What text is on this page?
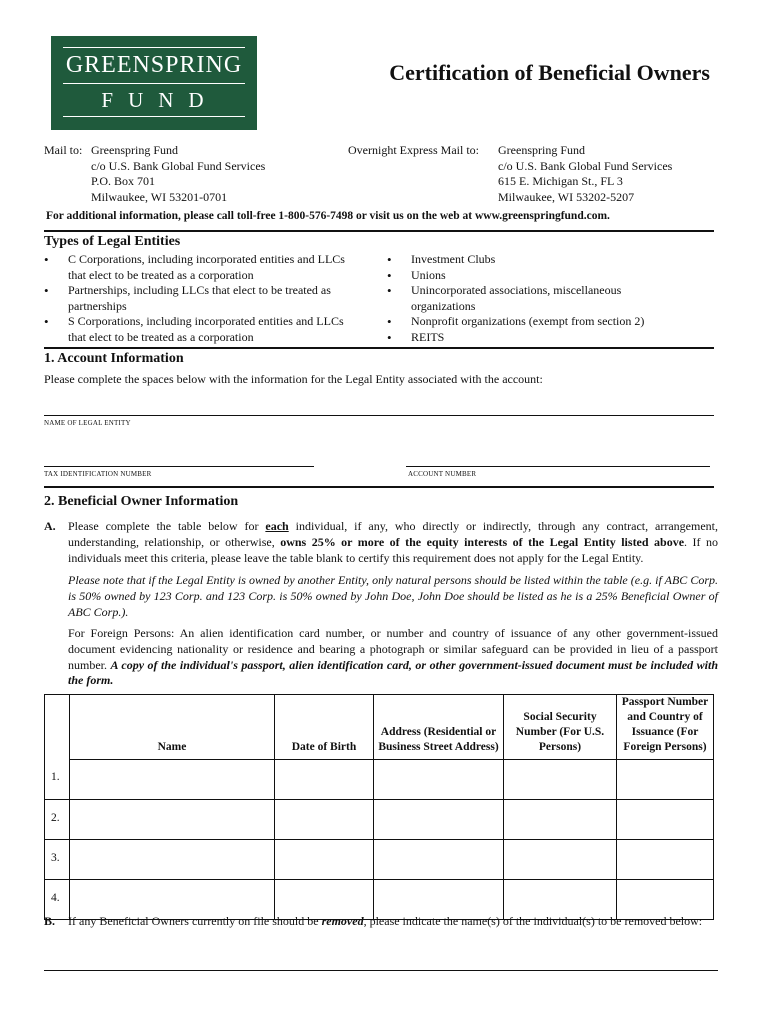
GREENSPRING
FUND
Certification of Beneficial Owners
Mail to: Greenspring Fund
c/o U.S. Bank Global Fund Services
P.O. Box 701
Milwaukee, WI 53201-0701
Overnight Express Mail to: Greenspring Fund
c/o U.S. Bank Global Fund Services
615 E. Michigan St., FL 3
Milwaukee, WI 53202-5207
For additional information, please call toll-free 1-800-576-7498 or visit us on the web at www.greenspringfund.com.
Types of Legal Entities
• C Corporations, including incorporated entities and LLCs that elect to be treated as a corporation
• Partnerships, including LLCs that elect to be treated as partnerships
• S Corporations, including incorporated entities and LLCs that elect to be treated as a corporation
• Investment Clubs
• Unions
• Unincorporated associations, miscellaneous organizations
• Nonprofit organizations (exempt from section 2)
• REITS
1. Account Information
Please complete the spaces below with the information for the Legal Entity associated with the account:
NAME OF LEGAL ENTITY
TAX IDENTIFICATION NUMBER	ACCOUNT NUMBER
2. Beneficial Owner Information
A. Please complete the table below for each individual, if any, who directly or indirectly, through any contract, arrangement, understanding, relationship, or otherwise, owns 25% or more of the equity interests of the Legal Entity listed above. If no individuals meet this criteria, please leave the table blank to certify this requirement does not apply for the Legal Entity.
Please note that if the Legal Entity is owned by another Entity, only natural persons should be listed within the table (e.g. if ABC Corp. is 50% owned by 123 Corp. and 123 Corp. is 50% owned by John Doe, John Doe should be listed as he is a 25% Beneficial Owner of ABC Corp.).
For Foreign Persons: An alien identification card number, or number and country of issuance of any other government-issued document evidencing nationality or residence and bearing a photograph or similar safeguard can be provided in lieu of a passport number. A copy of the individual's passport, alien identification card, or other government-issued document must be included with the form.
	Name	Date of Birth	Address (Residential or Business Street Address)	Social Security Number (For U.S. Persons)	Passport Number and Country of Issuance (For Foreign Persons)
1.					
2.					
3.					
4.					
B. If any Beneficial Owners currently on file should be removed, please indicate the name(s) of the individual(s) to be removed below:
